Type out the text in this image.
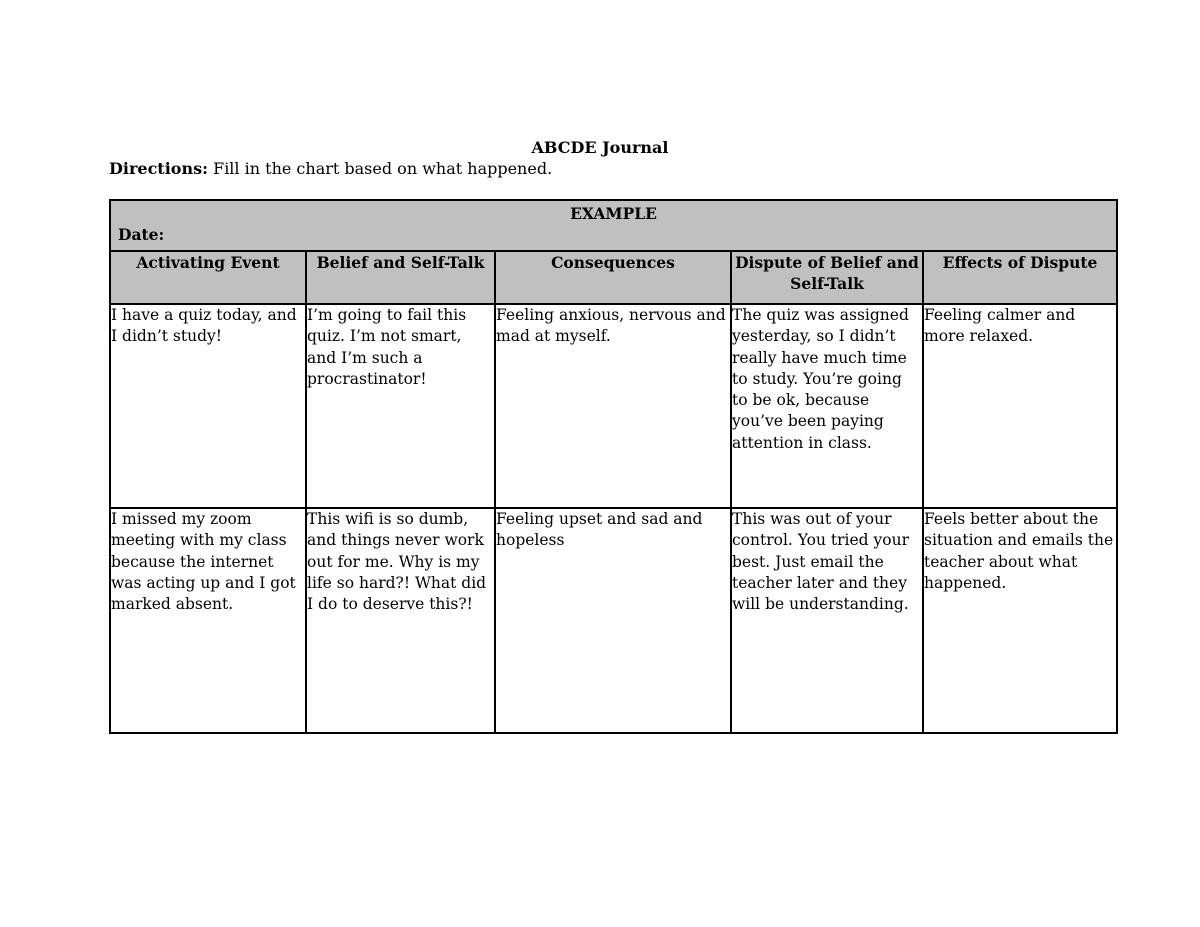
ABCDE Journal
Directions: Fill in the chart based on what happened.
EXAMPLE
Date:				

Activating Event	Belief and Self-Talk	Consequences	Dispute of Belief and Self-Talk	Effects of Dispute
I have a quiz today, and I didn’t study!	I’m going to fail this quiz. I’m not smart, and I’m such a procrastinator!	Feeling anxious, nervous and mad at myself.	The quiz was assigned yesterday, so I didn’t really have much time to study. You’re going to be ok, because you’ve been paying attention in class.	Feeling calmer and more relaxed.
I missed my zoom meeting with my class because the internet was acting up and I got marked absent.	This wifi is so dumb, and things never work out for me. Why is my life so hard?! What did I do to deserve this?!	Feeling upset and sad and hopeless	This was out of your control. You tried your best. Just email the teacher later and they will be understanding.	Feels better about the situation and emails the teacher about what happened.
